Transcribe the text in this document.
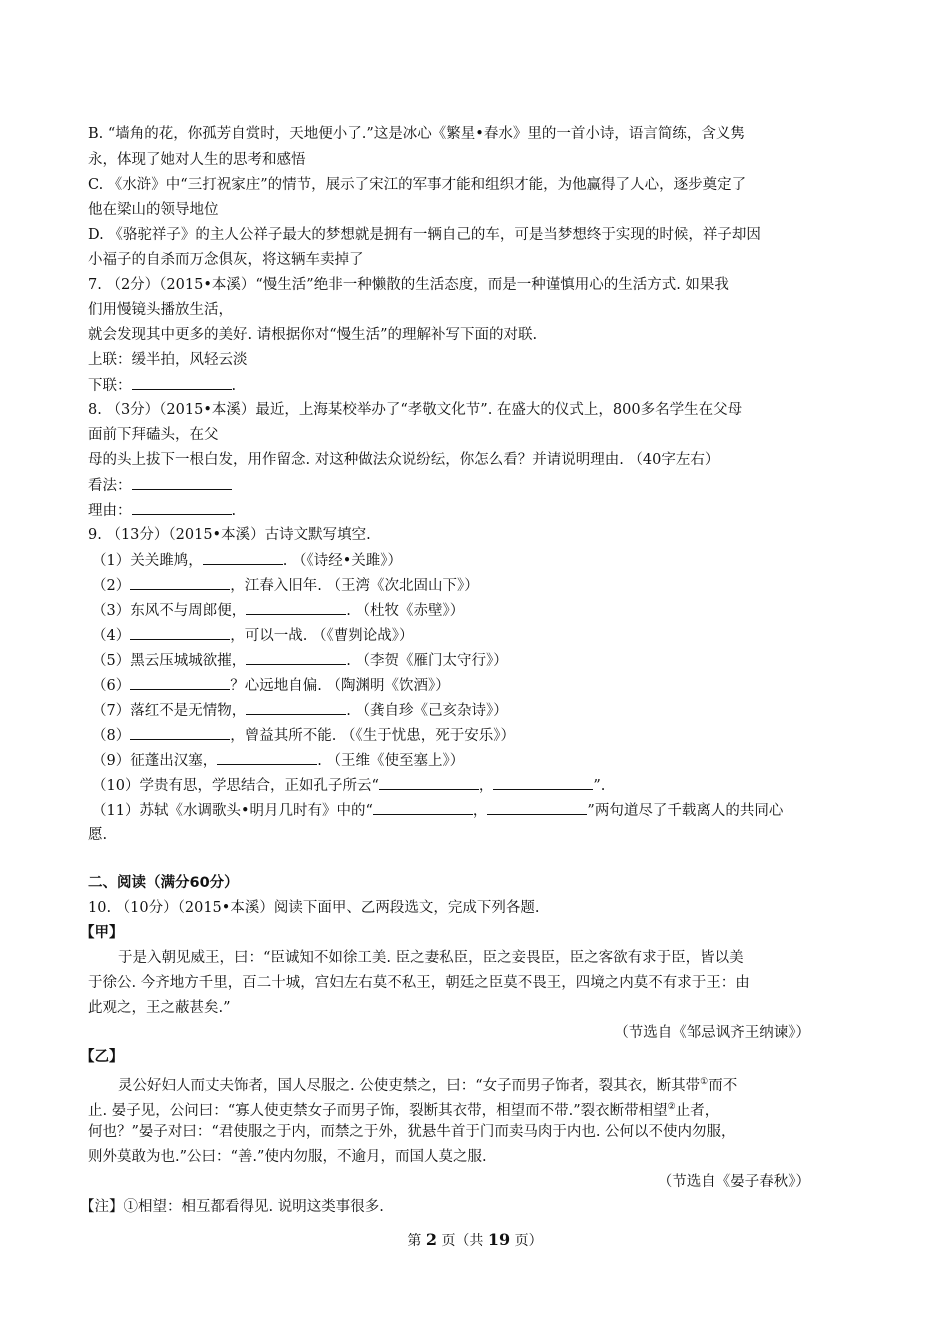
B. “墙角的花，你孤芳自赏时，天地便小了.”这是冰心《繁星•春水》里的一首小诗，语言简练，含义隽
永，体现了她对人生的思考和感悟
C. 《水浒》中“三打祝家庄”的情节，展示了宋江的军事才能和组织才能，为他赢得了人心，逐步奠定了
他在梁山的领导地位
D. 《骆驼祥子》的主人公祥子最大的梦想就是拥有一辆自己的车，可是当梦想终于实现的时候，祥子却因
小福子的自杀而万念俱灰，将这辆车卖掉了
7. （2分）（2015•本溪）“慢生活”绝非一种懒散的生活态度，而是一种谨慎用心的生活方式. 如果我
们用慢镜头播放生活，
就会发现其中更多的美好. 请根据你对“慢生活”的理解补写下面的对联.
上联：缓半拍，风轻云淡
下联：	.
8. （3分）（2015•本溪）最近，上海某校举办了“孝敬文化节”. 在盛大的仪式上，800多名学生在父母
面前下拜磕头，在父
母的头上拔下一根白发，用作留念. 对这种做法众说纷纭，你怎么看？并请说明理由. （40字左右）
看法：
理由：	.
9. （13分）（2015•本溪）古诗文默写填空.
（1）关关雎鸠，	. （《诗经•关雎》）
（2）	，江春入旧年. （王湾《次北固山下》）
（3）东风不与周郎便，	. （杜牧《赤壁》）
（4）	，可以一战. （《曹刿论战》）
（5）黑云压城城欲摧，	. （李贺《雁门太守行》）
（6）	？心远地自偏. （陶渊明《饮酒》）
（7）落红不是无情物，	. （龚自珍《己亥杂诗》）
（8）	，曾益其所不能. （《生于忧患，死于安乐》）
（9）征蓬出汉塞，	. （王维《使至塞上》）
（10）学贵有思，学思结合，正如孔子所云“	，	”.
（11）苏轼《水调歌头•明月几时有》中的“	，	”两句道尽了千载离人的共同心
愿.
二、阅读（满分60分）
10. （10分）（2015•本溪）阅读下面甲、乙两段选文，完成下列各题.
【甲】
于是入朝见威王，曰：“臣诚知不如徐工美. 臣之妻私臣，臣之妾畏臣，臣之客欲有求于臣，皆以美
于徐公. 今齐地方千里，百二十城，宫妇左右莫不私王，朝廷之臣莫不畏王，四境之内莫不有求于王：由
此观之，王之蔽甚矣.”
（节选自《邹忌讽齐王纳谏》）
【乙】
灵公好妇人而丈夫饰者，国人尽服之. 公使吏禁之，曰：“女子而男子饰者，裂其衣，断其带①而不
止. 晏子见，公问曰：“寡人使吏禁女子而男子饰，裂断其衣带，相望而不带.”裂衣断带相望②止者，
何也？”晏子对曰：“君使服之于内，而禁之于外，犹悬牛首于门而卖马肉于内也. 公何以不使内勿服，
则外莫敢为也.”公曰：“善.”使内勿服，不逾月，而国人莫之服.
（节选自《晏子春秋》）
【注】①相望：相互都看得见. 说明这类事很多.
第 2 页（共 19 页）
